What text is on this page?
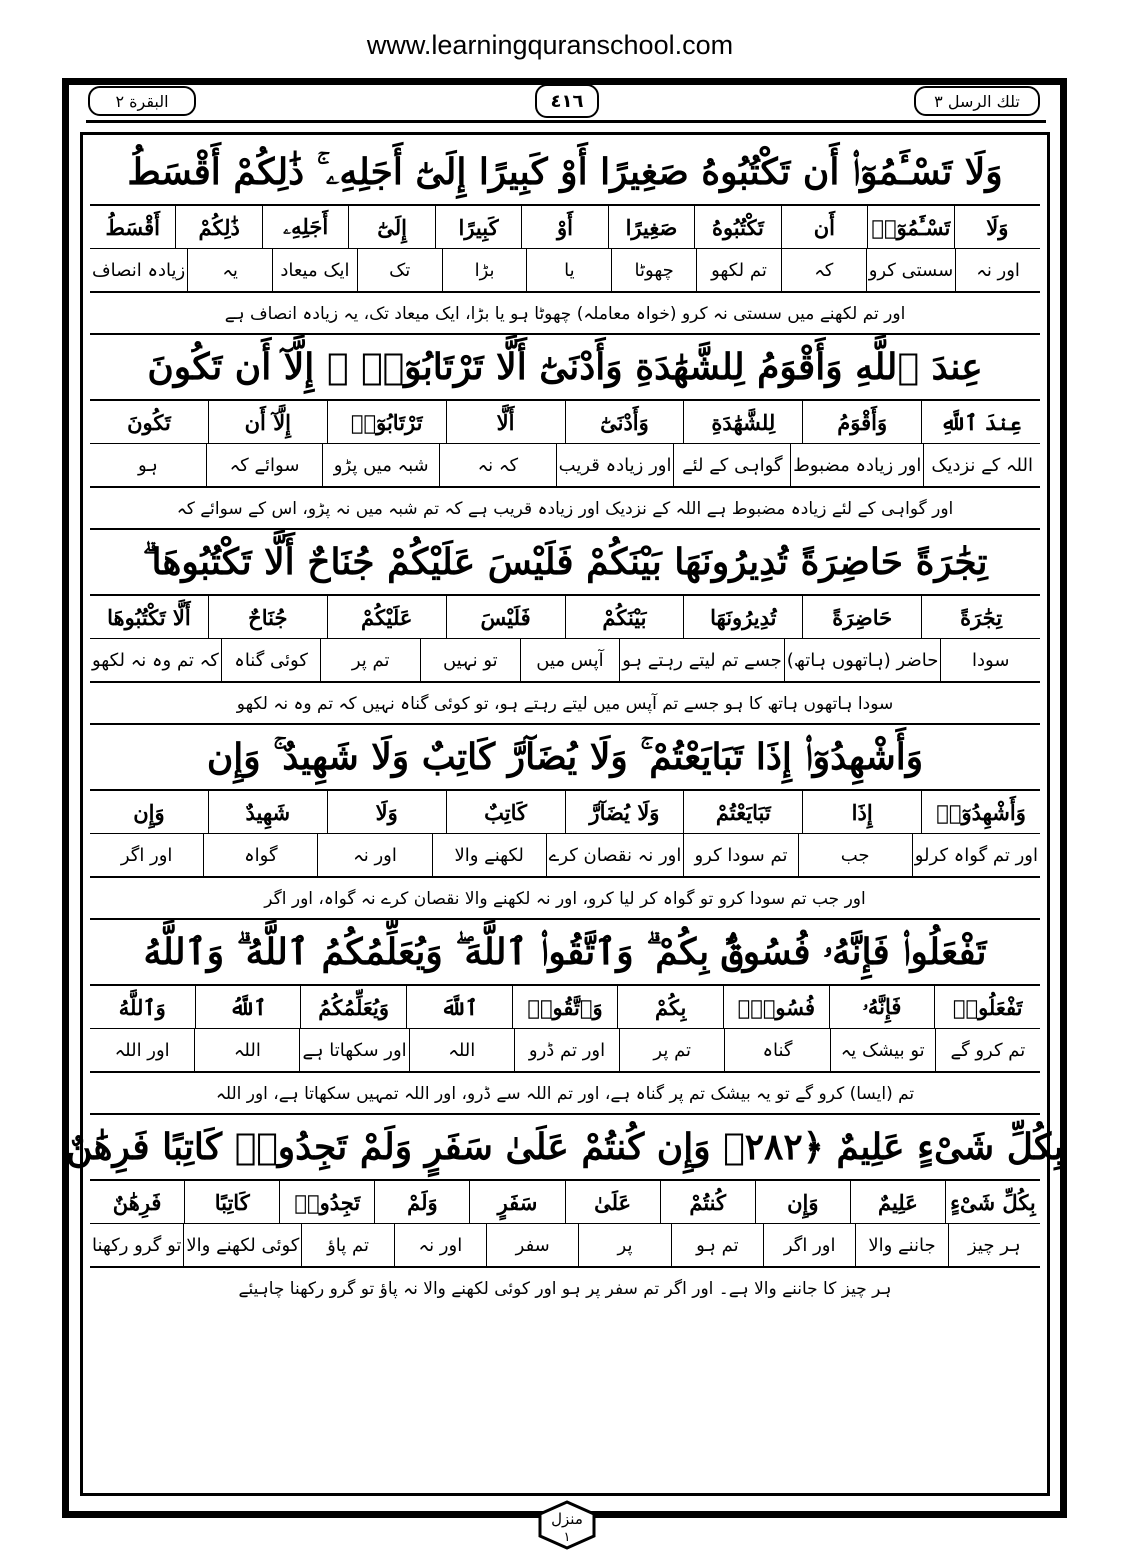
www.learningquranschool.com
تلك الرسل ٣
٤١٦
البقرة ٢
وَلَا تَسْـَٔمُوٓا۟ أَن تَكْتُبُوهُ صَغِيرًا أَوْ كَبِيرًا إِلَىٰٓ أَجَلِهِۦ ۚ ذَٰلِكُمْ أَقْسَطُ
وَلَا
تَسْـَٔمُوٓا۟
أَن
تَكْتُبُوهُ
صَغِيرًا
أَوْ
كَبِيرًا
إِلَىٰٓ
أَجَلِهِۦ
ذَٰلِكُمْ
أَقْسَطُ
اور نہ
سستی کرو
کہ
تم لکھو
چھوٹا
یا
بڑا
تک
ایک میعاد
یہ
زیادہ انصاف
اور تم لکھنے میں سستی نہ کرو (خواہ معاملہ) چھوٹا ہو یا بڑا، ایک میعاد تک، یہ زیادہ انصاف ہے
عِندَ ٱللَّهِ وَأَقْوَمُ لِلشَّهَٰدَةِ وَأَدْنَىٰٓ أَلَّا تَرْتَابُوٓا۟ ۖ إِلَّآ أَن تَكُونَ
عِندَ ٱللَّهِ
وَأَقْوَمُ
لِلشَّهَٰدَةِ
وَأَدْنَىٰٓ
أَلَّا
تَرْتَابُوٓا۟
إِلَّآ أَن
تَكُونَ
اللہ کے نزدیک
اور زیادہ مضبوط
گواہی کے لئے
اور زیادہ قریب
کہ نہ
شبہ میں پڑو
سوائے کہ
ہو
اور گواہی کے لئے زیادہ مضبوط ہے اللہ کے نزدیک اور زیادہ قریب ہے کہ تم شبہ میں نہ پڑو، اس کے سوائے کہ
تِجَٰرَةً حَاضِرَةً تُدِيرُونَهَا بَيْنَكُمْ فَلَيْسَ عَلَيْكُمْ جُنَاحٌ أَلَّا تَكْتُبُوهَا ۗ
تِجَٰرَةً
حَاضِرَةً
تُدِيرُونَهَا
بَيْنَكُمْ
فَلَيْسَ
عَلَيْكُمْ
جُنَاحٌ
أَلَّا تَكْتُبُوهَا
سودا
حاضر (ہاتھوں ہاتھ)
جسے تم لیتے رہتے ہو
آپس میں
تو نہیں
تم پر
کوئی گناہ
کہ تم وہ نہ لکھو
سودا ہاتھوں ہاتھ کا ہو جسے تم آپس میں لیتے رہتے ہو، تو کوئی گناہ نہیں کہ تم وہ نہ لکھو
وَأَشْهِدُوٓا۟ إِذَا تَبَايَعْتُمْ ۚ وَلَا يُضَآرَّ كَاتِبٌ وَلَا شَهِيدٌ ۚ وَإِن
وَأَشْهِدُوٓا۟
إِذَا
تَبَايَعْتُمْ
وَلَا يُضَآرَّ
كَاتِبٌ
وَلَا
شَهِيدٌ
وَإِن
اور تم گواہ کرلو
جب
تم سودا کرو
اور نہ نقصان کرے
لکھنے والا
اور نہ
گواہ
اور اگر
اور جب تم سودا کرو تو گواہ کر لیا کرو، اور نہ لکھنے والا نقصان کرے نہ گواہ، اور اگر
تَفْعَلُوا۟ فَإِنَّهُۥ فُسُوقٌۢ بِكُمْ ۗ وَٱتَّقُوا۟ ٱللَّهَ ۖ وَيُعَلِّمُكُمُ ٱللَّهُ ۗ وَٱللَّهُ
تَفْعَلُوا۟
فَإِنَّهُۥ
فُسُوقٌۢ
بِكُمْ
وَٱتَّقُوا۟
ٱللَّهَ
وَيُعَلِّمُكُمُ
ٱللَّهُ
وَٱللَّهُ
تم کرو گے
تو بیشک یہ
گناہ
تم پر
اور تم ڈرو
اللہ
اور سکھاتا ہے
اللہ
اور اللہ
تم (ایسا) کرو گے تو یہ بیشک تم پر گناہ ہے، اور تم اللہ سے ڈرو، اور اللہ تمہیں سکھاتا ہے، اور اللہ
بِكُلِّ شَىْءٍ عَلِيمٌ ﴿٢٨٢﴾ وَإِن كُنتُمْ عَلَىٰ سَفَرٍ وَلَمْ تَجِدُوا۟ كَاتِبًا فَرِهَٰنٌ
بِكُلِّ شَىْءٍ
عَلِيمٌ
وَإِن
كُنتُمْ
عَلَىٰ
سَفَرٍ
وَلَمْ
تَجِدُوا۟
كَاتِبًا
فَرِهَٰنٌ
ہر چیز
جاننے والا
اور اگر
تم ہو
پر
سفر
اور نہ
تم پاؤ
کوئی لکھنے والا
تو گرو رکھنا
ہر چیز کا جاننے والا ہے۔ اور اگر تم سفر پر ہو اور کوئی لکھنے والا نہ پاؤ تو گرو رکھنا چاہیئے
منزل
١
